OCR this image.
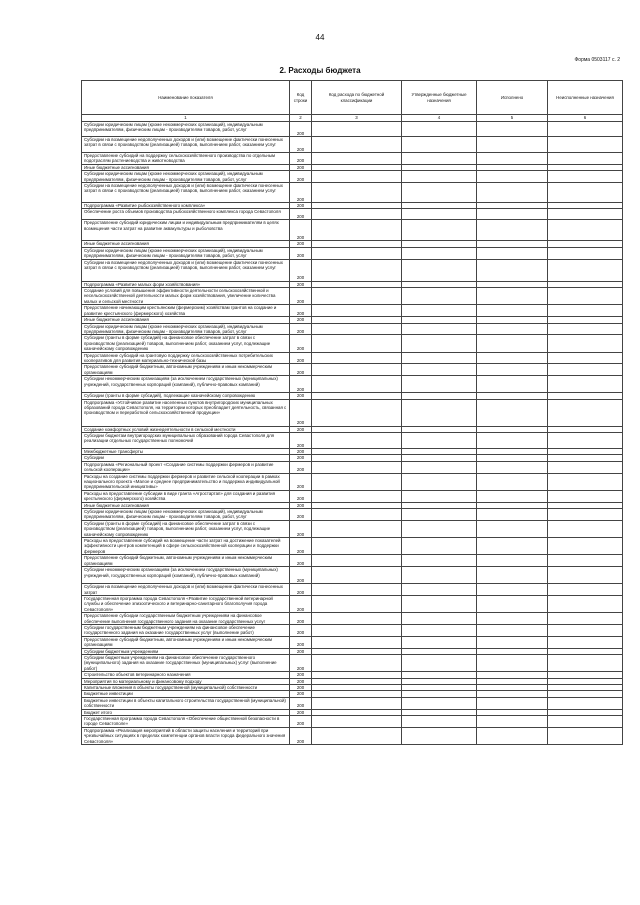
44
Форма 0503117 с. 2
2. Расходы бюджета
Наименование показателя	Код строки	Код расхода по бюджетной классификации	Утвержденные бюджетные назначения	Исполнено	Неисполненные назначения
1	2	3	4	5	6
Субсидии юридическим лицам (кроме некоммерческих организаций), индивидуальным предпринимателям, физическим лицам - производителям товаров, работ, услуг	200				
Субсидии на возмещение недополученных доходов и (или) возмещение фактически понесенных затрат в связи с производством (реализацией) товаров, выполнением работ, оказанием услуг	200				
Предоставление субсидий на поддержку сельскохозяйственного производства по отдельным подотраслям растениеводства и животноводства	200				
Иные бюджетные ассигнования	200				
Субсидии юридическим лицам (кроме некоммерческих организаций), индивидуальным предпринимателям, физическим лицам - производителям товаров, работ, услуг	200				
Субсидии на возмещение недополученных доходов и (или) возмещение фактически понесенных затрат в связи с производством (реализацией) товаров, выполнением работ, оказанием услуг	200				
Подпрограмма «Развитие рыбохозяйственного комплекса»	200				
Обеспечение роста объемов производства рыбохозяйственного комплекса города Севастополя	200				
Предоставление субсидий юридическим лицам и индивидуальным предпринимателям в целях возмещения части затрат на развитие аквакультуры и рыболовства	200				
Иные бюджетные ассигнования	200				
Субсидии юридическим лицам (кроме некоммерческих организаций), индивидуальным предпринимателям, физическим лицам - производителям товаров, работ, услуг	200				
Субсидии на возмещение недополученных доходов и (или) возмещение фактически понесенных затрат в связи с производством (реализацией) товаров, выполнением работ, оказанием услуг	200				
Подпрограмма «Развитие малых форм хозяйствования»	200				
Создание условий для повышения эффективности деятельности сельскохозяйственной и несельскохозяйственной деятельности малых форм хозяйствования, увеличение количества малых и сельской местности	200				
Предоставление начинающим крестьянским (фермерским) хозяйствам грантов на создание и развитие крестьянского (фермерского) хозяйства	200				
Иные бюджетные ассигнования	200				
Субсидии юридическим лицам (кроме некоммерческих организаций), индивидуальным предпринимателям, физическим лицам - производителям товаров, работ, услуг	200				
Субсидии (гранты в форме субсидий) на финансовое обеспечение затрат в связи с производством (реализацией) товаров, выполнением работ, оказанием услуг, подлежащие казначейскому сопровождению	200				
Предоставление субсидий на грантовую поддержку сельскохозяйственных потребительских кооперативов для развития материально-технической базы	200				
Предоставление субсидий бюджетным, автономным учреждениям и иным некоммерческим организациям	200				
Субсидии некоммерческим организациям (за исключением государственных (муниципальных) учреждений, государственных корпораций (компаний), публично-правовых компаний)	200				
Субсидии (гранты в форме субсидий), подлежащие казначейскому сопровождению	200				
Подпрограмма «Устойчивое развитие населенных пунктов внутригородских муниципальных образований города Севастополя, на территории которых преобладает деятельность, связанная с производством и переработкой сельскохозяйственной продукции»	200				
Создание комфортных условий жизнедеятельности в сельской местности	200				
Субсидии бюджетам внутригородских муниципальных образований города Севастополя для реализации отдельных государственных полномочий	200				
Межбюджетные трансферты	200				
Субсидии	200				
Подпрограмма «Региональный проект «Создание системы поддержки фермеров и развитие сельской кооперации»	200				
Расходы на создание системы поддержки фермеров и развитие сельской кооперации в рамках национального проекта «Малое и среднее предпринимательство и поддержка индивидуальной предпринимательской инициативы»	200				
Расходы на предоставление субсидии в виде гранта «Агростартап» для создания и развития крестьянского (фермерского) хозяйства	200				
Иные бюджетные ассигнования	200				
Субсидии юридическим лицам (кроме некоммерческих организаций), индивидуальным предпринимателям, физическим лицам - производителям товаров, работ, услуг	200				
Субсидии (гранты в форме субсидий) на финансовое обеспечение затрат в связи с производством (реализацией) товаров, выполнением работ, оказанием услуг, подлежащие казначейскому сопровождению	200				
Расходы на предоставление субсидий на возмещение части затрат на достижение показателей эффективности центров компетенций в сфере сельскохозяйственной кооперации и поддержки фермеров	200				
Предоставление субсидий бюджетным, автономным учреждениям и иным некоммерческим организациям	200				
Субсидии некоммерческим организациям (за исключением государственных (муниципальных) учреждений, государственных корпораций (компаний), публично-правовых компаний)	200				
Субсидии на возмещение недополученных доходов и (или) возмещение фактически понесенных затрат	200				
Государственная программа города Севастополя «Развитие государственной ветеринарной службы и обеспечение эпизоотического и ветеринарно-санитарного благополучия города Севастополя»	200				
Предоставление субсидии государственным бюджетным учреждениям на финансовое обеспечение выполнения государственного задания на оказание государственных услуг	200				
Субсидии государственным бюджетным учреждениям на финансовое обеспечение государственного задания на оказание государственных услуг (выполнение работ)	200				
Предоставление субсидий бюджетным, автономным учреждениям и иным некоммерческим организациям	200				
Субсидии бюджетным учреждениям	200				
Субсидии бюджетным учреждениям на финансовое обеспечение государственного (муниципального) задания на оказание государственных (муниципальных) услуг (выполнение работ)	200				
Строительство объектов ветеринарного назначения	200				
Мероприятия по материальному и финансовому подходу	200				
Капитальные вложения в объекты государственной (муниципальной) собственности	200				
Бюджетные инвестиции	200				
Бюджетные инвестиции в объекты капитального строительства государственной (муниципальной) собственности	200				
Бюджет итого	200				
Государственная программа города Севастополя «Обеспечение общественной безопасности в городе Севастополе»	200				
Подпрограмма «Реализация мероприятий в области защиты населения и территорий при чрезвычайных ситуациях в пределах компетенции органов власти города федерального значения Севастополя»	200				
